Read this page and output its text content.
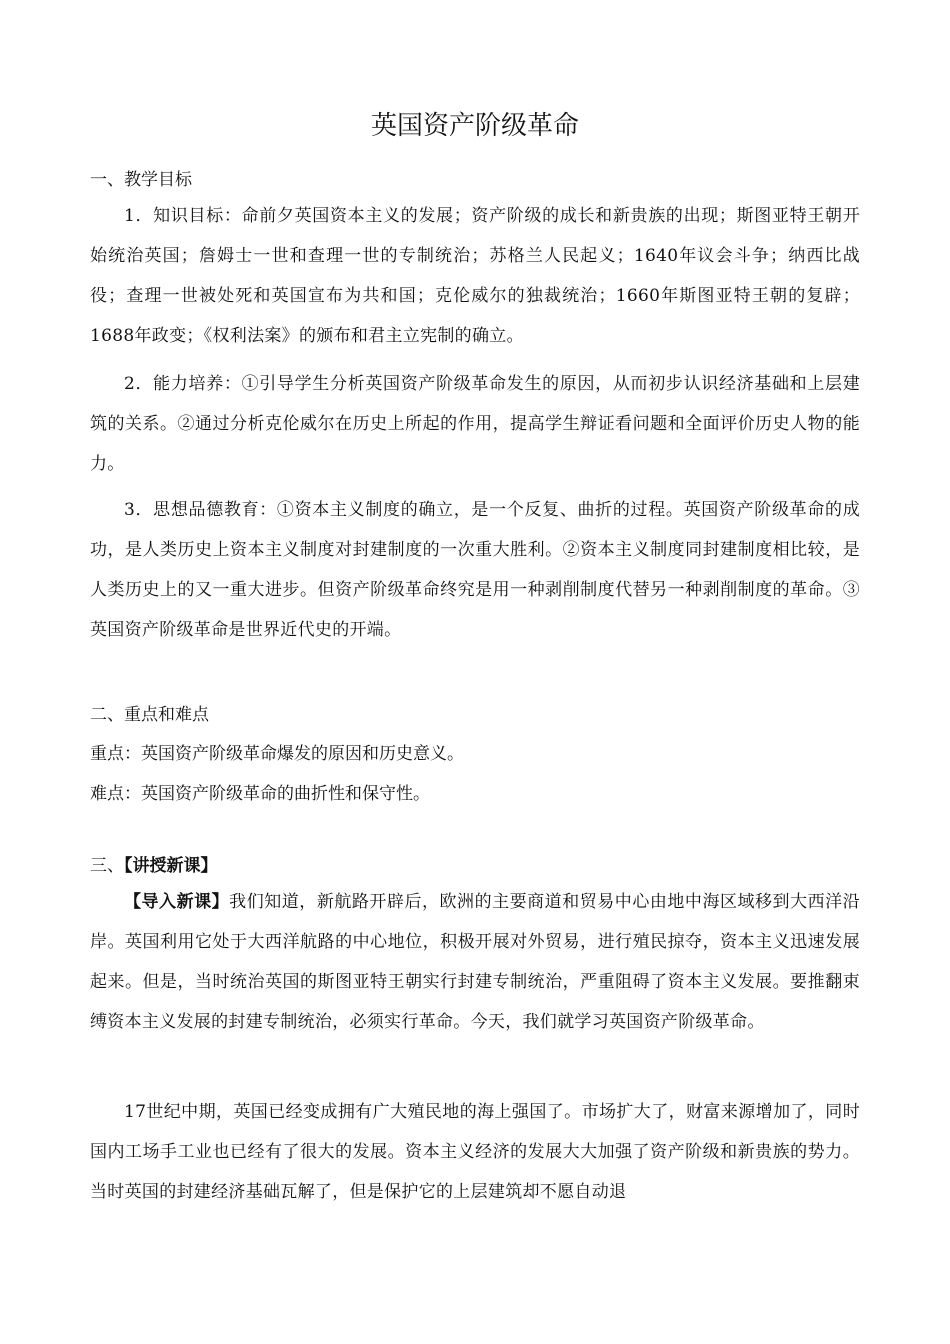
英国资产阶级革命

一、教学目标

1．知识目标：命前夕英国资本主义的发展；资产阶级的成长和新贵族的出现；斯图亚特王朝开始统治英国；詹姆士一世和查理一世的专制统治；苏格兰人民起义；1640年议会斗争；纳西比战役；查理一世被处死和英国宣布为共和国；克伦威尔的独裁统治；1660年斯图亚特王朝的复辟；1688年政变；《权利法案》的颁布和君主立宪制的确立。

2．能力培养：①引导学生分析英国资产阶级革命发生的原因，从而初步认识经济基础和上层建筑的关系。②通过分析克伦威尔在历史上所起的作用，提高学生辩证看问题和全面评价历史人物的能力。

3．思想品德教育：①资本主义制度的确立，是一个反复、曲折的过程。英国资产阶级革命的成功，是人类历史上资本主义制度对封建制度的一次重大胜利。②资本主义制度同封建制度相比较，是人类历史上的又一重大进步。但资产阶级革命终究是用一种剥削制度代替另一种剥削制度的革命。③英国资产阶级革命是世界近代史的开端。

二、重点和难点

重点：英国资产阶级革命爆发的原因和历史意义。

难点：英国资产阶级革命的曲折性和保守性。

三、【讲授新课】

【导入新课】我们知道，新航路开辟后，欧洲的主要商道和贸易中心由地中海区域移到大西洋沿岸。英国利用它处于大西洋航路的中心地位，积极开展对外贸易，进行殖民掠夺，资本主义迅速发展起来。但是，当时统治英国的斯图亚特王朝实行封建专制统治，严重阻碍了资本主义发展。要推翻束缚资本主义发展的封建专制统治，必须实行革命。今天，我们就学习英国资产阶级革命。

17世纪中期，英国已经变成拥有广大殖民地的海上强国了。市场扩大了，财富来源增加了，同时国内工场手工业也已经有了很大的发展。资本主义经济的发展大大加强了资产阶级和新贵族的势力。当时英国的封建经济基础瓦解了，但是保护它的上层建筑却不愿自动退
